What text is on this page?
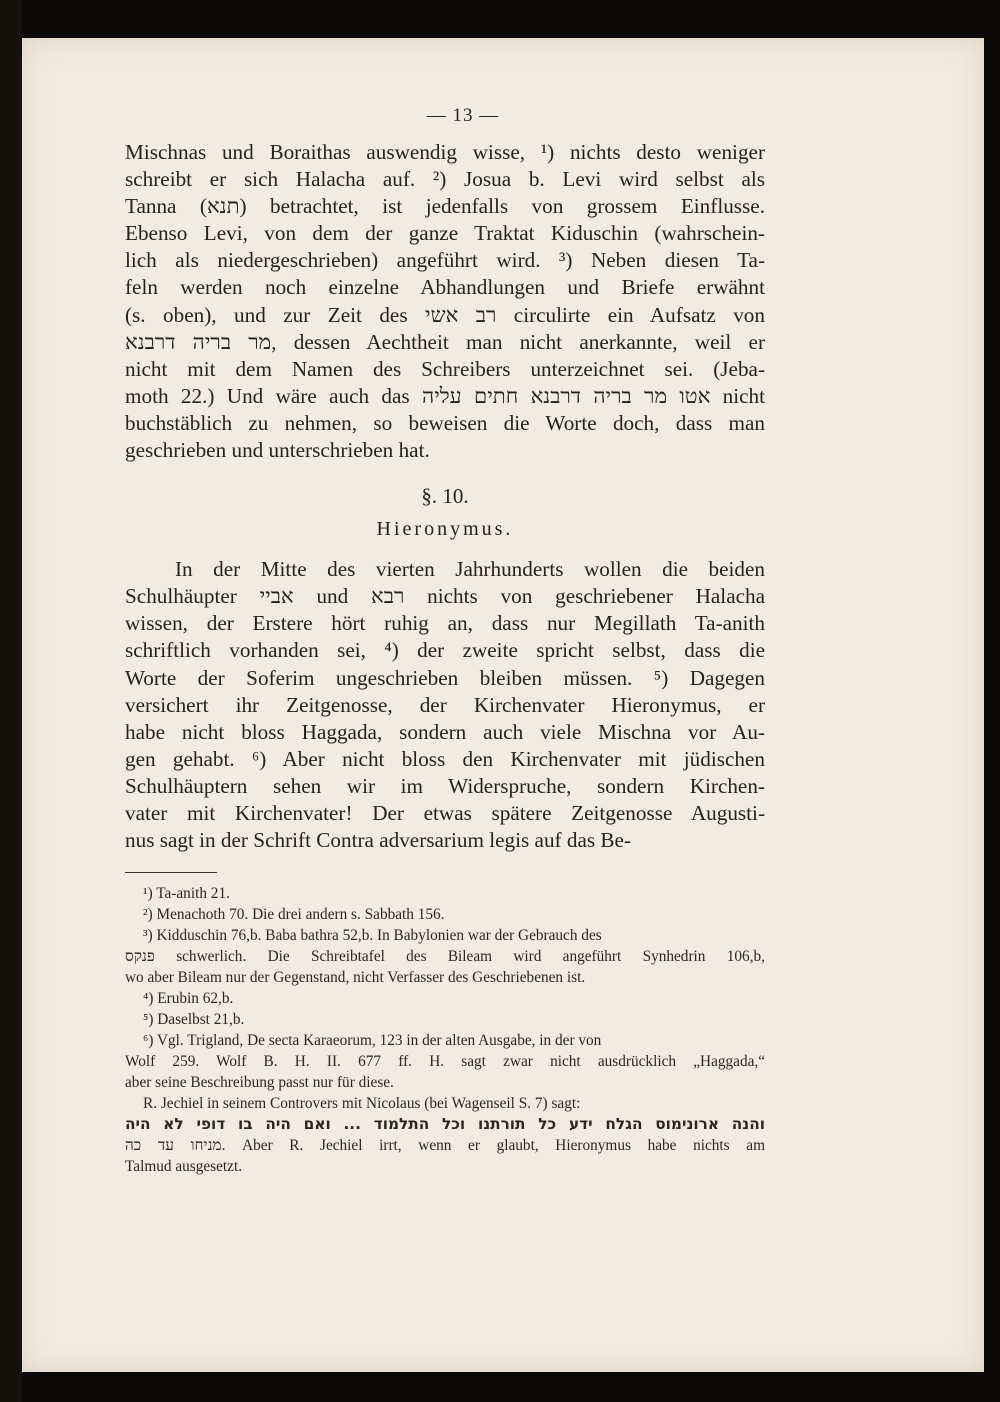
— 13 —
Mischnas und Boraithas auswendig wisse, ¹) nichts desto weniger
schreibt er sich Halacha auf. ²) Josua b. Levi wird selbst als
Tanna (תנא) betrachtet, ist jedenfalls von grossem Einflusse.
Ebenso Levi, von dem der ganze Traktat Kiduschin (wahrschein-
lich als niedergeschrieben) angeführt wird. ³) Neben diesen Ta-
feln werden noch einzelne Abhandlungen und Briefe erwähnt
(s. oben), und zur Zeit des רב אשי circulirte ein Aufsatz von
מר בריה דרבנא, dessen Aechtheit man nicht anerkannte, weil er
nicht mit dem Namen des Schreibers unterzeichnet sei. (Jeba-
moth 22.) Und wäre auch das אטו מר בריה דרבנא חתים עליה nicht
buchstäblich zu nehmen, so beweisen die Worte doch, dass man
geschrieben und unterschrieben hat.
§. 10.
Hieronymus.
In der Mitte des vierten Jahrhunderts wollen die beiden
Schulhäupter אביי und רבא nichts von geschriebener Halacha
wissen, der Erstere hört ruhig an, dass nur Megillath Ta-anith
schriftlich vorhanden sei, ⁴) der zweite spricht selbst, dass die
Worte der Soferim ungeschrieben bleiben müssen. ⁵) Dagegen
versichert ihr Zeitgenosse, der Kirchenvater Hieronymus, er
habe nicht bloss Haggada, sondern auch viele Mischna vor Au-
gen gehabt. ⁶) Aber nicht bloss den Kirchenvater mit jüdischen
Schulhäuptern sehen wir im Widerspruche, sondern Kirchen-
vater mit Kirchenvater! Der etwas spätere Zeitgenosse Augusti-
nus sagt in der Schrift Contra adversarium legis auf das Be-
¹) Ta-anith 21.
²) Menachoth 70. Die drei andern s. Sabbath 156.
³) Kidduschin 76,b. Baba bathra 52,b. In Babylonien war der Gebrauch des
פנקס schwerlich. Die Schreibtafel des Bileam wird angeführt Synhedrin 106,b,
wo aber Bileam nur der Gegenstand, nicht Verfasser des Geschriebenen ist.
⁴) Erubin 62,b.
⁵) Daselbst 21,b.
⁶) Vgl. Trigland, De secta Karaeorum, 123 in der alten Ausgabe, in der von
Wolf 259. Wolf B. H. II. 677 ff. H. sagt zwar nicht ausdrücklich „Haggada,“
aber seine Beschreibung passt nur für diese.
R. Jechiel in seinem Controvers mit Nicolaus (bei Wagenseil S. 7) sagt:
והנה ארונימוס הגלח ידע כל תורתנו וכל התלמוד ... ואם היה בו דופי לא היה
מניחו עד כה. Aber R. Jechiel irrt, wenn er glaubt, Hieronymus habe nichts am
Talmud ausgesetzt.
